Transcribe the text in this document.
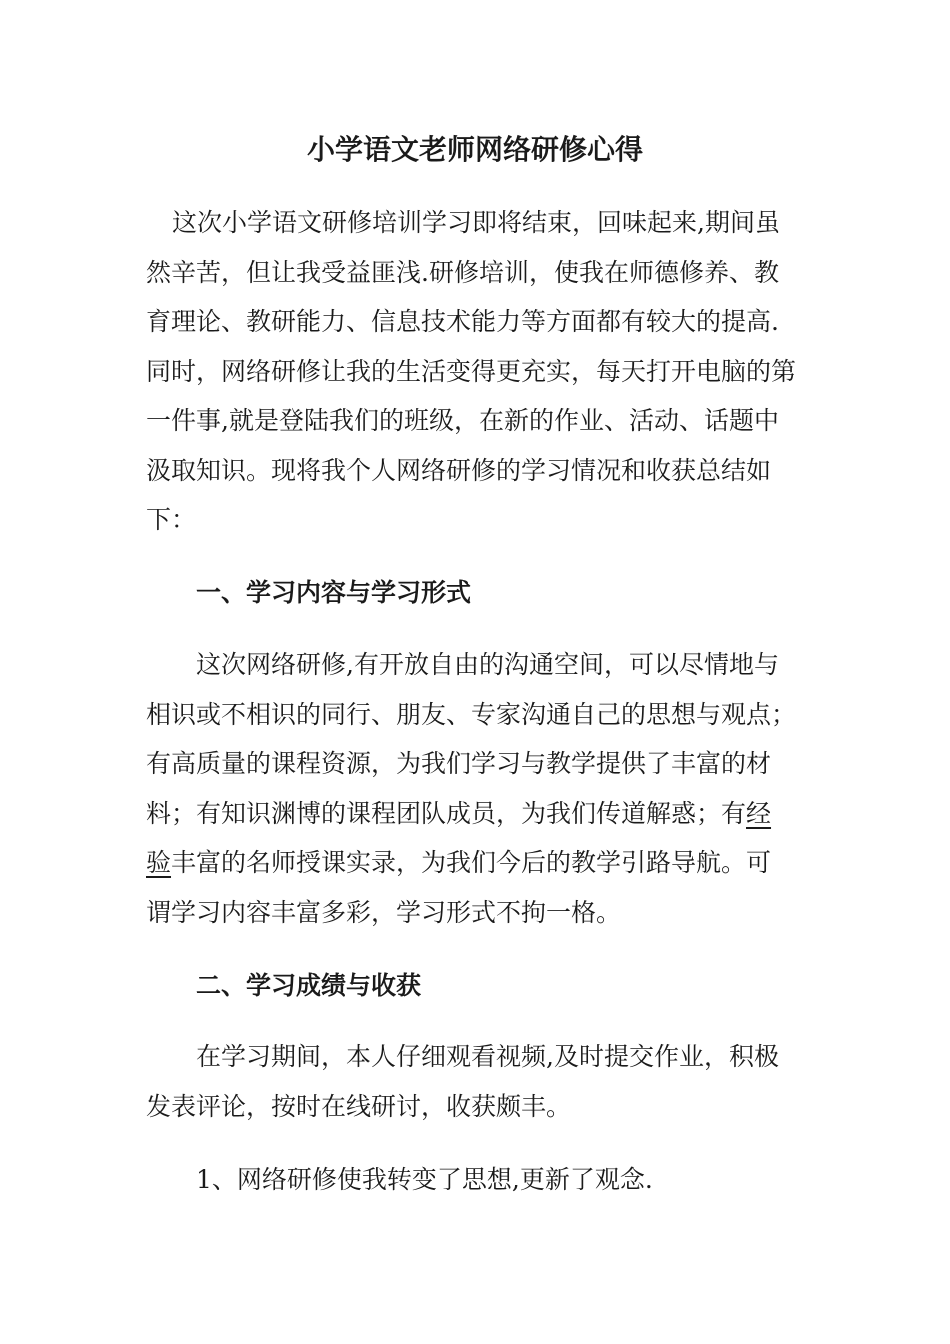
小学语文老师网络研修心得

这次小学语文研修培训学习即将结束，回味起来,期间虽然辛苦，但让我受益匪浅.研修培训，使我在师德修养、教育理论、教研能力、信息技术能力等方面都有较大的提高.同时，网络研修让我的生活变得更充实，每天打开电脑的第一件事,就是登陆我们的班级，在新的作业、活动、话题中汲取知识。现将我个人网络研修的学习情况和收获总结如下：

一、学习内容与学习形式

这次网络研修,有开放自由的沟通空间，可以尽情地与相识或不相识的同行、朋友、专家沟通自己的思想与观点；有高质量的课程资源，为我们学习与教学提供了丰富的材料；有知识渊博的课程团队成员，为我们传道解惑；有经验丰富的名师授课实录，为我们今后的教学引路导航。可谓学习内容丰富多彩，学习形式不拘一格。

二、学习成绩与收获

在学习期间，本人仔细观看视频,及时提交作业，积极发表评论，按时在线研讨，收获颇丰。

1、网络研修使我转变了思想,更新了观念.
